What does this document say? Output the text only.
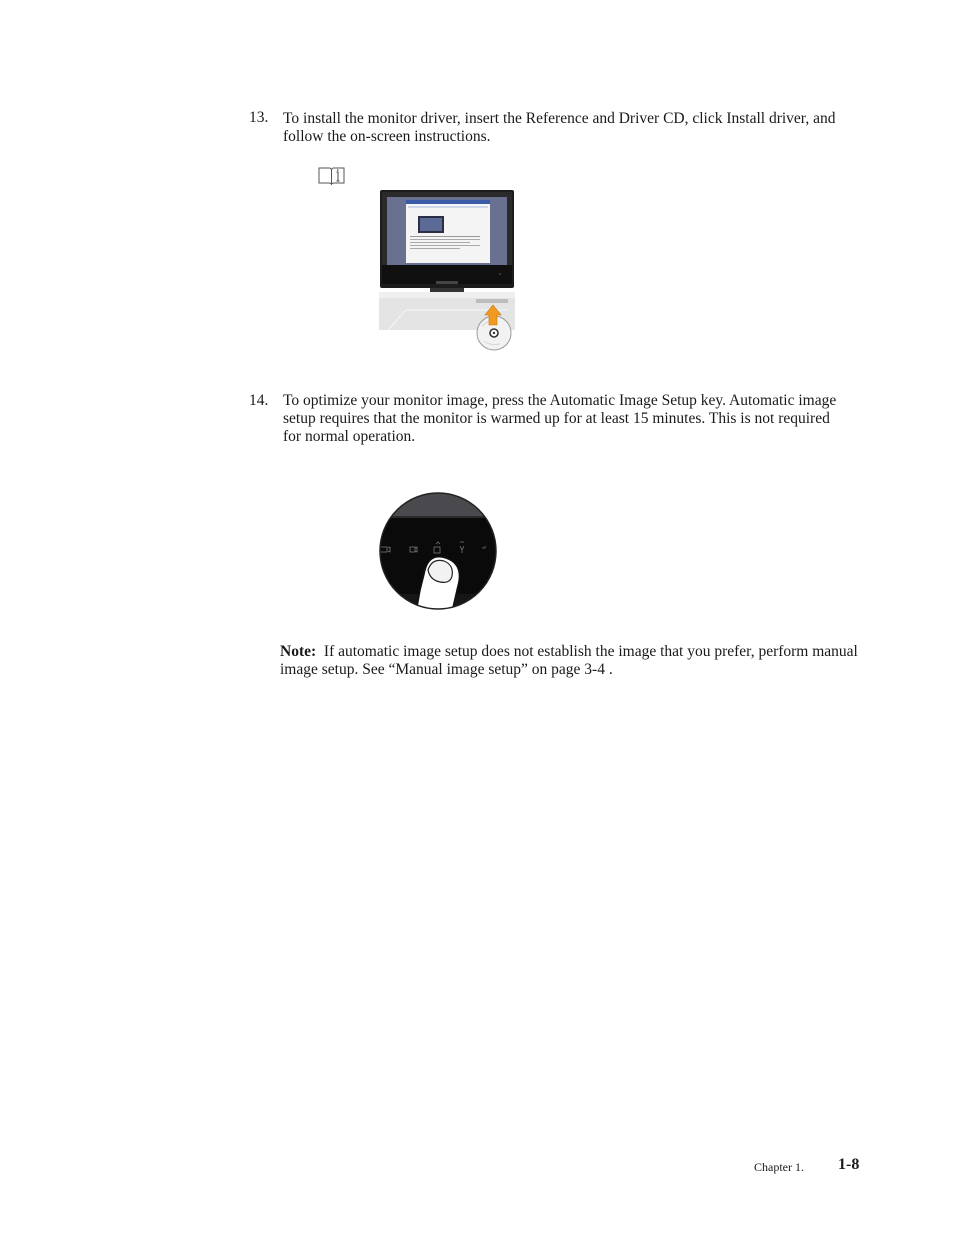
13. To install the monitor driver, insert the Reference and Driver CD, click Install driver, and follow the on-screen instructions.
14. To optimize your monitor image, press the Automatic Image Setup key. Automatic image setup requires that the monitor is warmed up for at least 15 minutes. This is not required for normal operation.
Note: If automatic image setup does not establish the image that you prefer, perform manual image setup. See “Manual image setup” on page 3-4 .
Chapter 1. 1-8
